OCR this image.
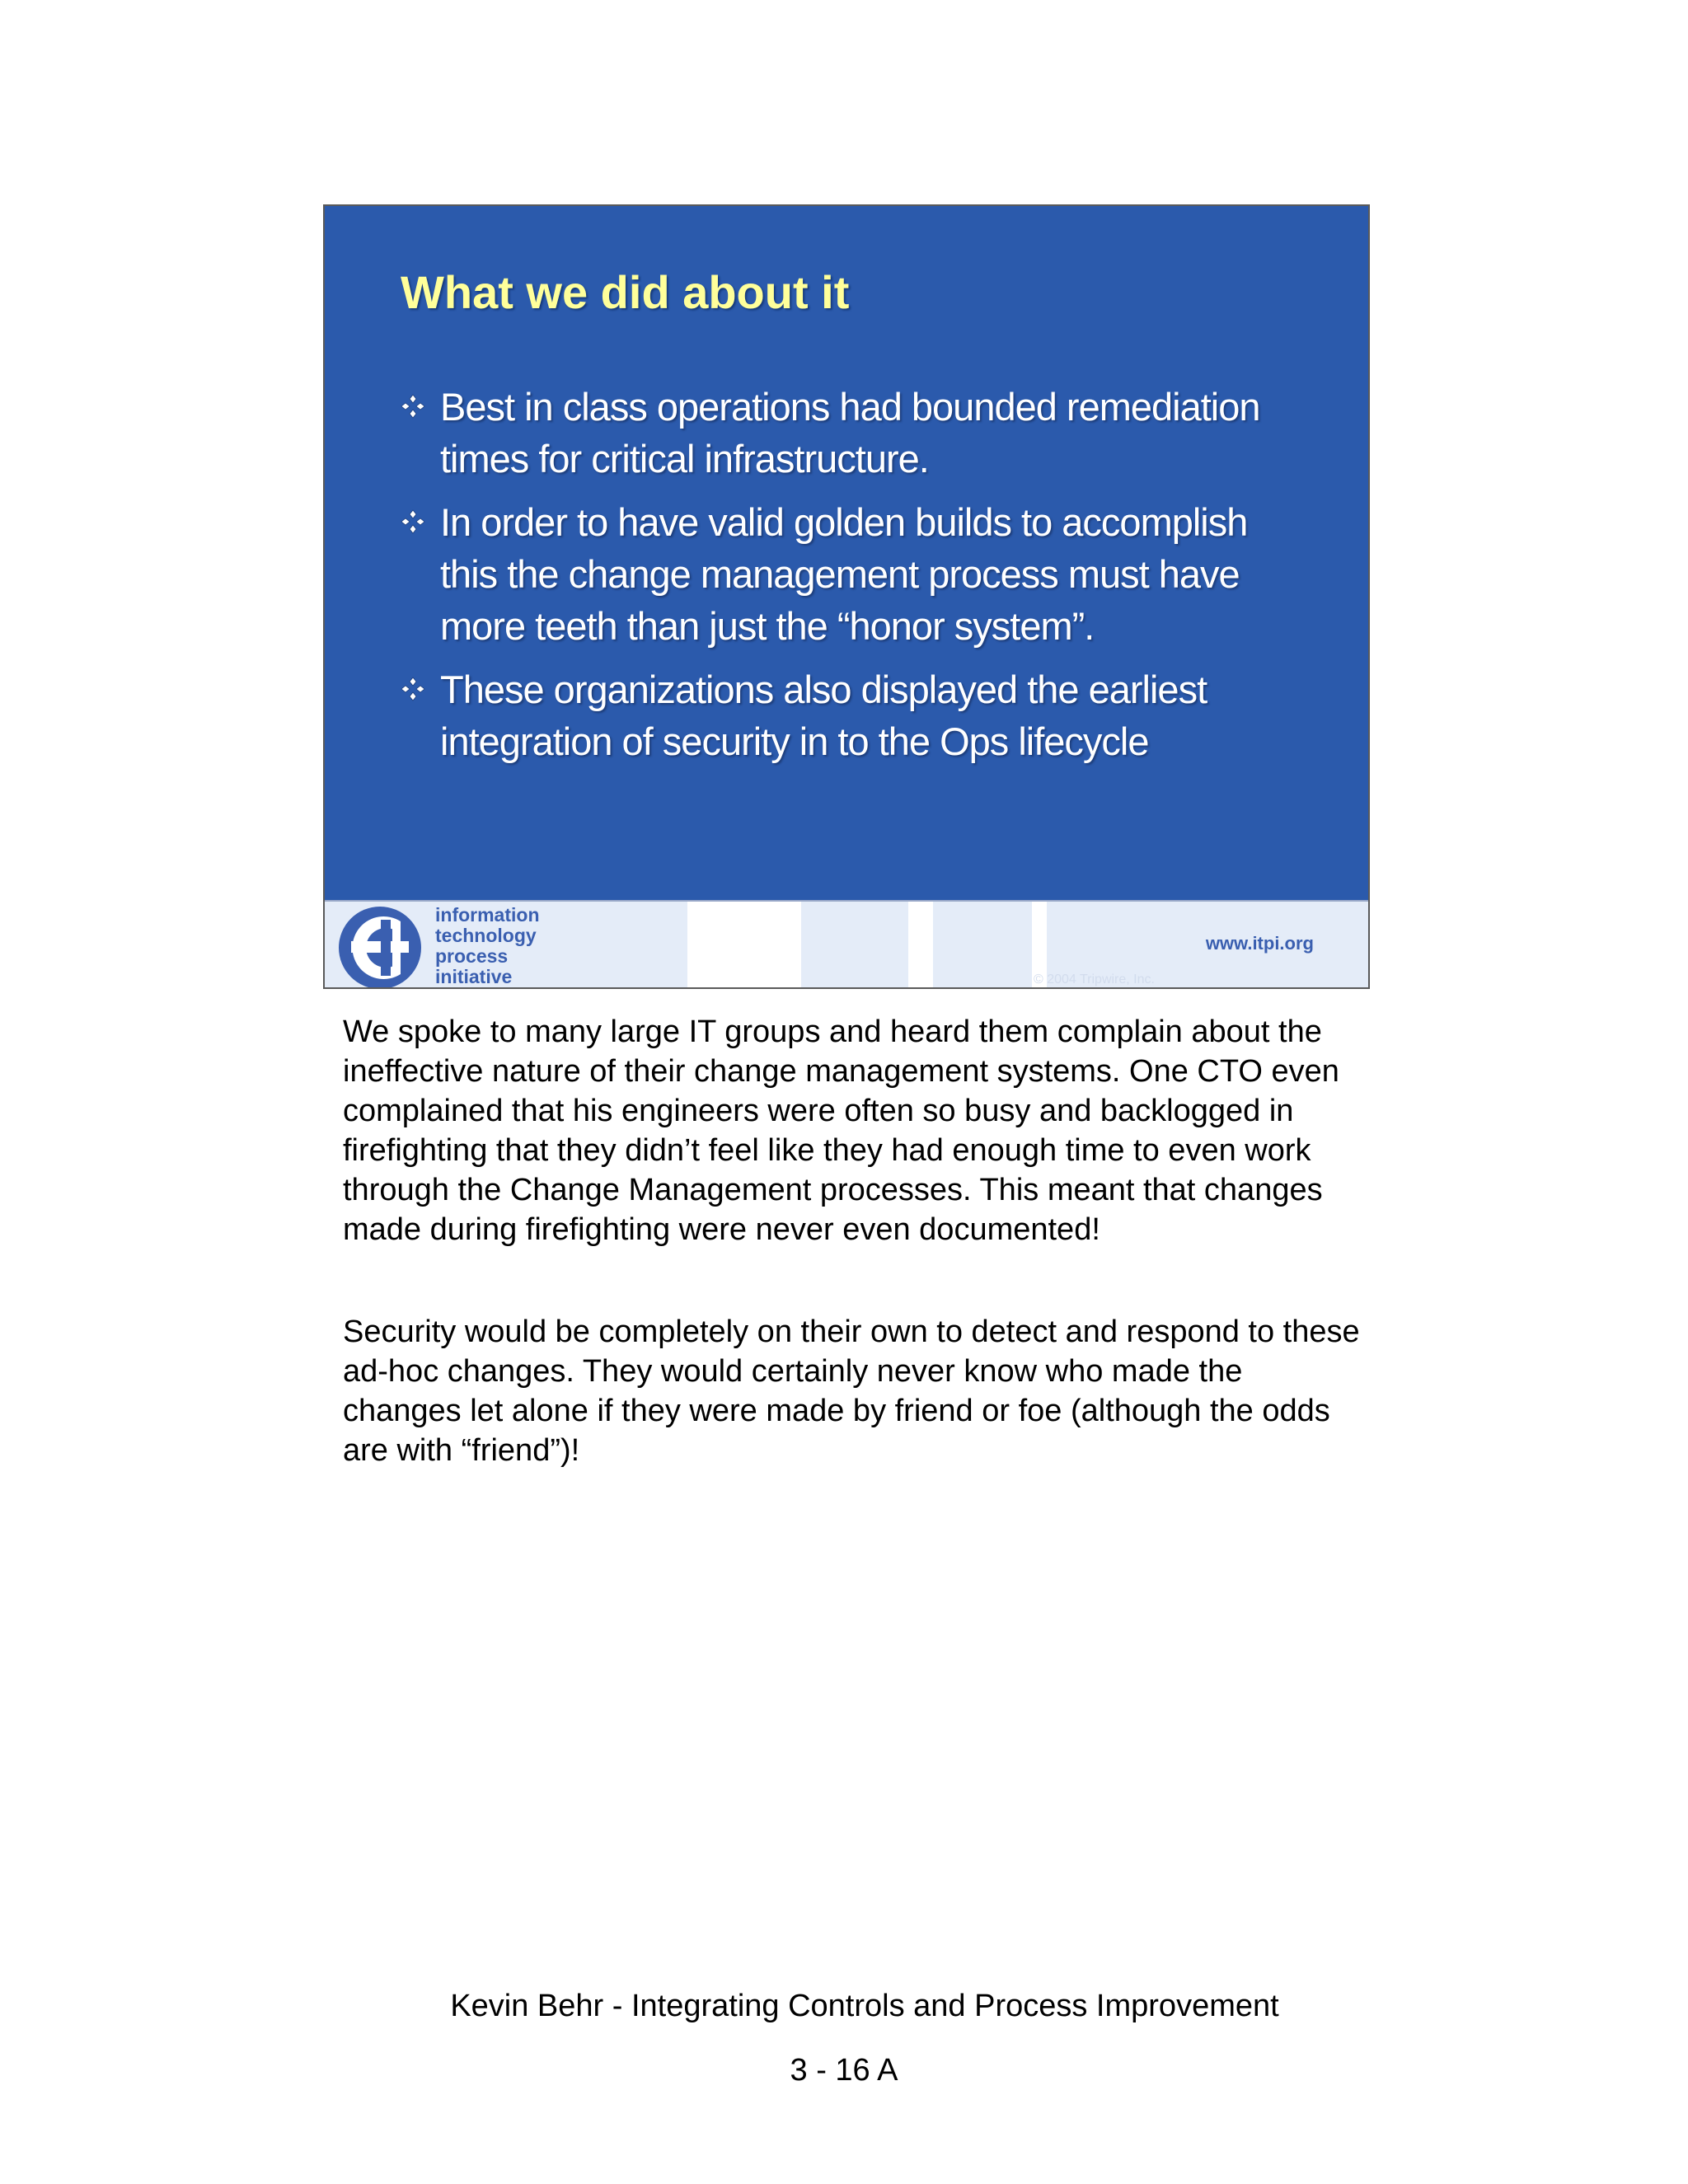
What we did about it
Best in class operations had bounded remediation times for critical infrastructure.
In order to have valid golden builds to accomplish this the change management process must have more teeth than just the “honor system”.
These organizations also displayed the earliest integration of security in to the Ops lifecycle
information
technology
process
initiative	© 2004 Tripwire, Inc.
www.itpi.org

We spoke to many large IT groups and heard them complain about the ineffective nature of their change management systems. One CTO even complained that his engineers were often so busy and backlogged in firefighting that they didn’t feel like they had enough time to even work through the Change Management processes. This meant that changes made during firefighting were never even documented!

Security would be completely on their own to detect and respond to these ad-hoc changes. They would certainly never know who made the changes let alone if they were made by friend or foe (although the odds are with “friend”)!

Kevin Behr - Integrating Controls and Process Improvement
3 - 16 A
